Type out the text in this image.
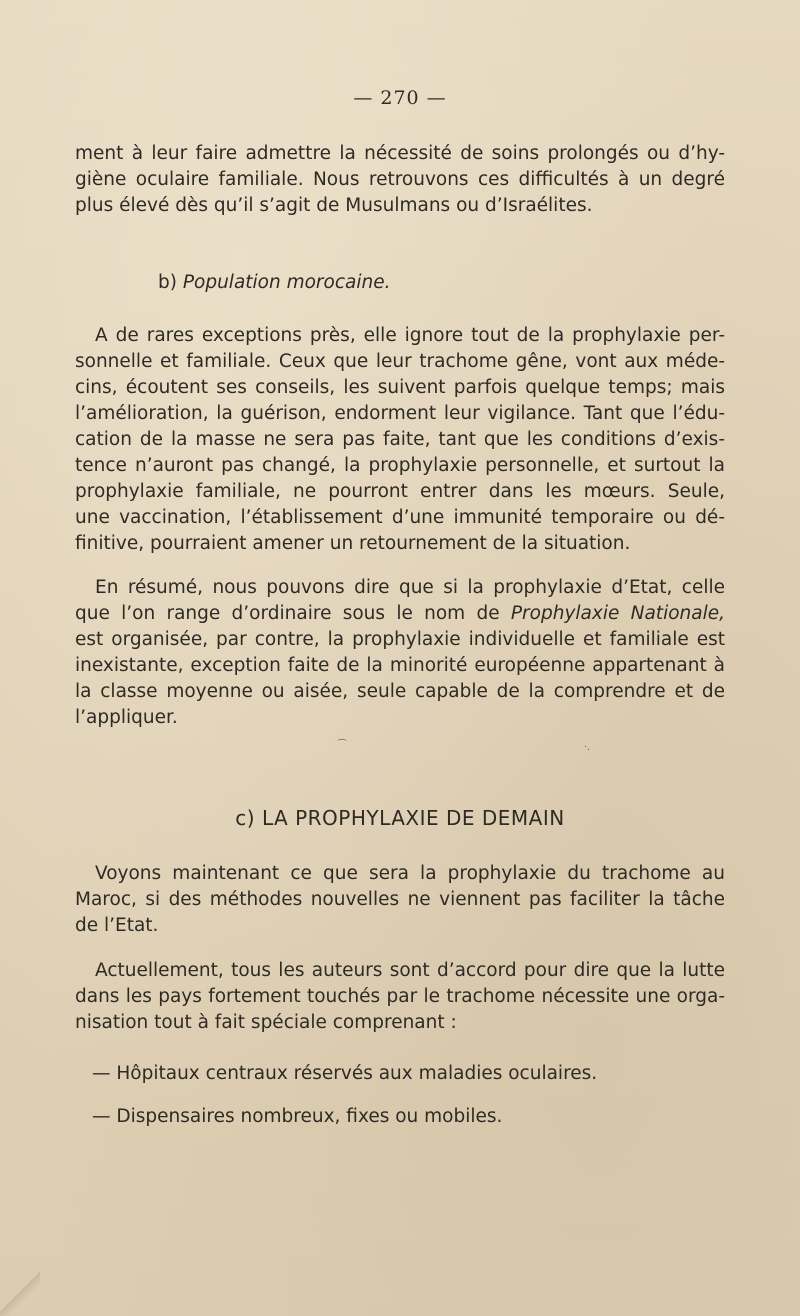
— 270 —
ment à leur faire admettre la nécessité de soins prolongés ou d’hy-
giène oculaire familiale. Nous retrouvons ces difficultés à un degré
plus élevé dès qu’il s’agit de Musulmans ou d’Israélites.
b) Population morocaine.
A de rares exceptions près, elle ignore tout de la prophylaxie per-
sonnelle et familiale. Ceux que leur trachome gêne, vont aux méde-
cins, écoutent ses conseils, les suivent parfois quelque temps; mais
l’amélioration, la guérison, endorment leur vigilance. Tant que l’édu-
cation de la masse ne sera pas faite, tant que les conditions d’exis-
tence n’auront pas changé, la prophylaxie personnelle, et surtout la
prophylaxie familiale, ne pourront entrer dans les mœurs. Seule,
une vaccination, l’établissement d’une immunité temporaire ou dé-
finitive, pourraient amener un retournement de la situation.
En résumé, nous pouvons dire que si la prophylaxie d’Etat, celle
que l’on range d’ordinaire sous le nom de Prophylaxie Nationale,
est organisée, par contre, la prophylaxie individuelle et familiale est
inexistante, exception faite de la minorité européenne appartenant à
la classe moyenne ou aisée, seule capable de la comprendre et de
l’appliquer.
⁀	·.
c) LA PROPHYLAXIE DE DEMAIN
Voyons maintenant ce que sera la prophylaxie du trachome au
Maroc, si des méthodes nouvelles ne viennent pas faciliter la tâche
de l’Etat.
Actuellement, tous les auteurs sont d’accord pour dire que la lutte
dans les pays fortement touchés par le trachome nécessite une orga-
nisation tout à fait spéciale comprenant :
— Hôpitaux centraux réservés aux maladies oculaires.
— Dispensaires nombreux, fixes ou mobiles.
